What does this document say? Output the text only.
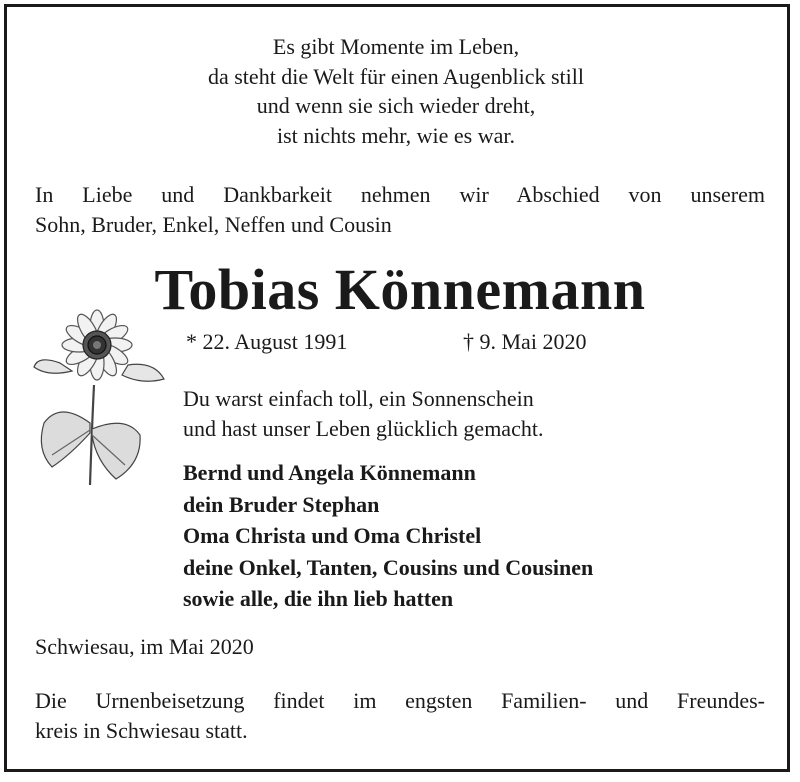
Es gibt Momente im Leben,
da steht die Welt für einen Augenblick still
und wenn sie sich wieder dreht,
ist nichts mehr, wie es war.
In Liebe und Dankbarkeit nehmen wir Abschied von unserem
Sohn, Bruder, Enkel, Neffen und Cousin
Tobias Könnemann
* 22. August 1991	† 9. Mai 2020
Du warst einfach toll, ein Sonnenschein
und hast unser Leben glücklich gemacht.
Bernd und Angela Könnemann
dein Bruder Stephan
Oma Christa und Oma Christel
deine Onkel, Tanten, Cousins und Cousinen
sowie alle, die ihn lieb hatten
Schwiesau, im Mai 2020
Die Urnenbeisetzung findet im engsten Familien- und Freundes-
kreis in Schwiesau statt.
